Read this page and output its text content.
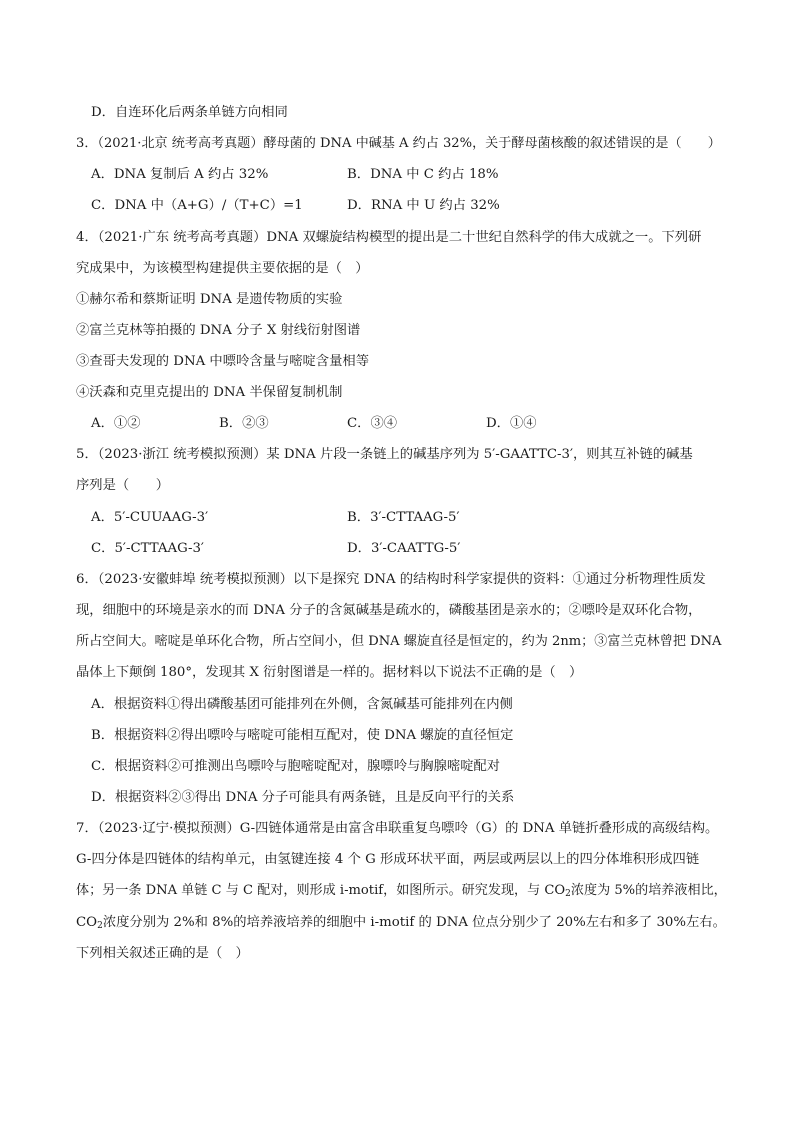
D．自连环化后两条单链方向相同
3．（2021·北京 统考高考真题）酵母菌的 DNA 中碱基 A 约占 32%，关于酵母菌核酸的叙述错误的是（　　）
A．DNA 复制后 A 约占 32%	B．DNA 中 C 约占 18%
C．DNA 中（A+G）/（T+C）=1	D．RNA 中 U 约占 32%
4．（2021·广东 统考高考真题）DNA 双螺旋结构模型的提出是二十世纪自然科学的伟大成就之一。下列研
究成果中，为该模型构建提供主要依据的是（　）
①赫尔希和蔡斯证明 DNA 是遗传物质的实验
②富兰克林等拍摄的 DNA 分子 X 射线衍射图谱
③查哥夫发现的 DNA 中嘌呤含量与嘧啶含量相等
④沃森和克里克提出的 DNA 半保留复制机制
A．①②	B．②③	C．③④	D．①④
5．（2023·浙江 统考模拟预测）某 DNA 片段一条链上的碱基序列为 5′-GAATTC-3′，则其互补链的碱基
序列是（　　）
A．5′-CUUAAG-3′	B．3′-CTTAAG-5′
C．5′-CTTAAG-3′	D．3′-CAATTG-5′
6．（2023·安徽蚌埠 统考模拟预测）以下是探究 DNA 的结构时科学家提供的资料：①通过分析物理性质发
现，细胞中的环境是亲水的而 DNA 分子的含氮碱基是疏水的，磷酸基团是亲水的；②嘌呤是双环化合物，
所占空间大。嘧啶是单环化合物，所占空间小，但 DNA 螺旋直径是恒定的，约为 2nm；③富兰克林曾把 DNA
晶体上下颠倒 180°，发现其 X 衍射图谱是一样的。据材料以下说法不正确的是（　）
A．根据资料①得出磷酸基团可能排列在外侧，含氮碱基可能排列在内侧
B．根据资料②得出嘌呤与嘧啶可能相互配对，使 DNA 螺旋的直径恒定
C．根据资料②可推测出鸟嘌呤与胞嘧啶配对，腺嘌呤与胸腺嘧啶配对
D．根据资料②③得出 DNA 分子可能具有两条链，且是反向平行的关系
7．（2023·辽宁·模拟预测）G-四链体通常是由富含串联重复鸟嘌呤（G）的 DNA 单链折叠形成的高级结构。
G-四分体是四链体的结构单元，由氢键连接 4 个 G 形成环状平面，两层或两层以上的四分体堆积形成四链
体；另一条 DNA 单链 C 与 C 配对，则形成 i-motif，如图所示。研究发现，与 $CO_2$浓度为 5%的培养液相比，
$CO_2$浓度分别为 2%和 8%的培养液培养的细胞中 i-motif 的 DNA 位点分别少了 20%左右和多了 30%左右。
下列相关叙述正确的是（　）
